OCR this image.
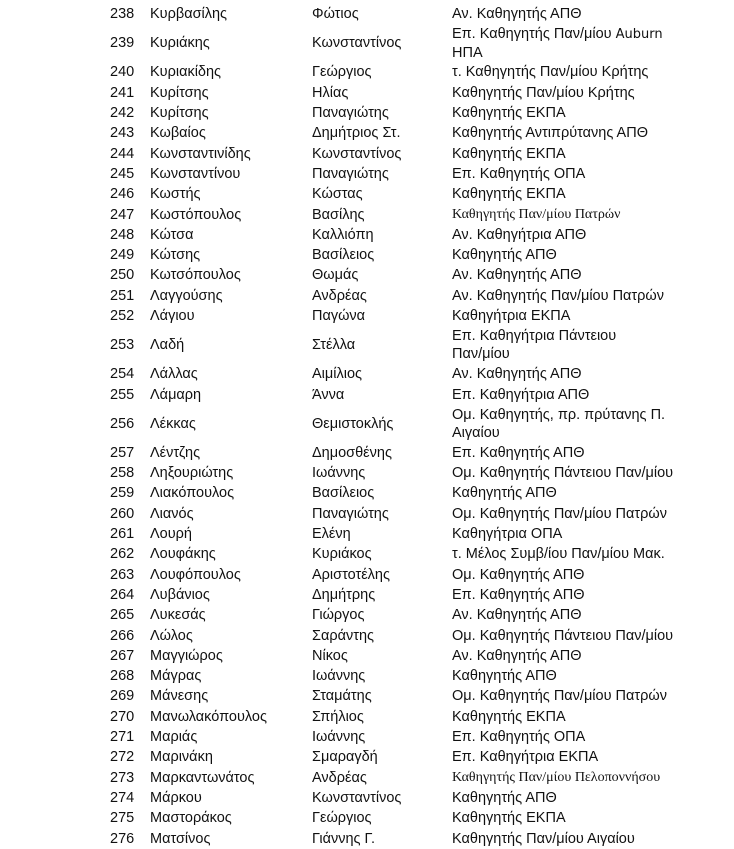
238	Κυρβασίλης	Φώτιος	Αν. Καθηγητής ΑΠΘ
239	Κυριάκης	Κωνσταντίνος	Επ. Καθηγητής Παν/μίου Auburn
ΗΠΑ
240	Κυριακίδης	Γεώργιος	τ. Καθηγητής Παν/μίου Κρήτης
241	Κυρίτσης	Ηλίας	Καθηγητής Παν/μίου Κρήτης
242	Κυρίτσης	Παναγιώτης	Καθηγητής ΕΚΠΑ
243	Κωβαίος	Δημήτριος Στ.	Καθηγητής Αντιπρύτανης ΑΠΘ
244	Κωνσταντινίδης	Κωνσταντίνος	Καθηγητής ΕΚΠΑ
245	Κωνσταντίνου	Παναγιώτης	Επ. Καθηγητής ΟΠΑ
246	Κωστής	Κώστας	Καθηγητής ΕΚΠΑ
247	Κωστόπουλος	Βασίλης	Καθηγητής Παν/μίου Πατρών
248	Κώτσα	Καλλιόπη	Αν. Καθηγήτρια ΑΠΘ
249	Κώτσης	Βασίλειος	Καθηγητής ΑΠΘ
250	Κωτσόπουλος	Θωμάς	Αν. Καθηγητής ΑΠΘ
251	Λαγγούσης	Ανδρέας	Αν. Καθηγητής Παν/μίου Πατρών
252	Λάγιου	Παγώνα	Καθηγήτρια ΕΚΠΑ
253	Λαδή	Στέλλα	Επ. Καθηγήτρια Πάντειου
Παν/μίου
254	Λάλλας	Αιμίλιος	Αν. Καθηγητής ΑΠΘ
255	Λάμαρη	Άννα	Επ. Καθηγήτρια ΑΠΘ
256	Λέκκας	Θεμιστοκλής	Ομ. Καθηγητής, πρ. πρύτανης Π.
Αιγαίου
257	Λέντζης	Δημοσθένης	Επ. Καθηγητής ΑΠΘ
258	Ληξουριώτης	Ιωάννης	Ομ. Καθηγητής Πάντειου Παν/μίου
259	Λιακόπουλος	Βασίλειος	Καθηγητής ΑΠΘ
260	Λιανός	Παναγιώτης	Ομ. Καθηγητής Παν/μίου Πατρών
261	Λουρή	Ελένη	Καθηγήτρια ΟΠΑ
262	Λουφάκης	Κυριάκος	τ. Μέλος Συμβ/ίου Παν/μίου Μακ.
263	Λουφόπουλος	Αριστοτέλης	Ομ. Καθηγητής ΑΠΘ
264	Λυβάνιος	Δημήτρης	Επ. Καθηγητής ΑΠΘ
265	Λυκεσάς	Γιώργος	Αν. Καθηγητής ΑΠΘ
266	Λώλος	Σαράντης	Ομ. Καθηγητής Πάντειου Παν/μίου
267	Μαγγιώρος	Νίκος	Αν. Καθηγητής ΑΠΘ
268	Μάγρας	Ιωάννης	Καθηγητής ΑΠΘ
269	Μάνεσης	Σταμάτης	Ομ. Καθηγητής Παν/μίου Πατρών
270	Μανωλακόπουλος	Σπήλιος	Καθηγητής ΕΚΠΑ
271	Μαριάς	Ιωάννης	Επ. Καθηγητής ΟΠΑ
272	Μαρινάκη	Σμαραγδή	Επ. Καθηγήτρια ΕΚΠΑ
273	Μαρκαντωνάτος	Ανδρέας	Καθηγητής Παν/μίου Πελοποννήσου
274	Μάρκου	Κωνσταντίνος	Καθηγητής ΑΠΘ
275	Μαστοράκος	Γεώργιος	Καθηγητής ΕΚΠΑ
276	Ματσίνος	Γιάννης Γ.	Καθηγητής Παν/μίου Αιγαίου
